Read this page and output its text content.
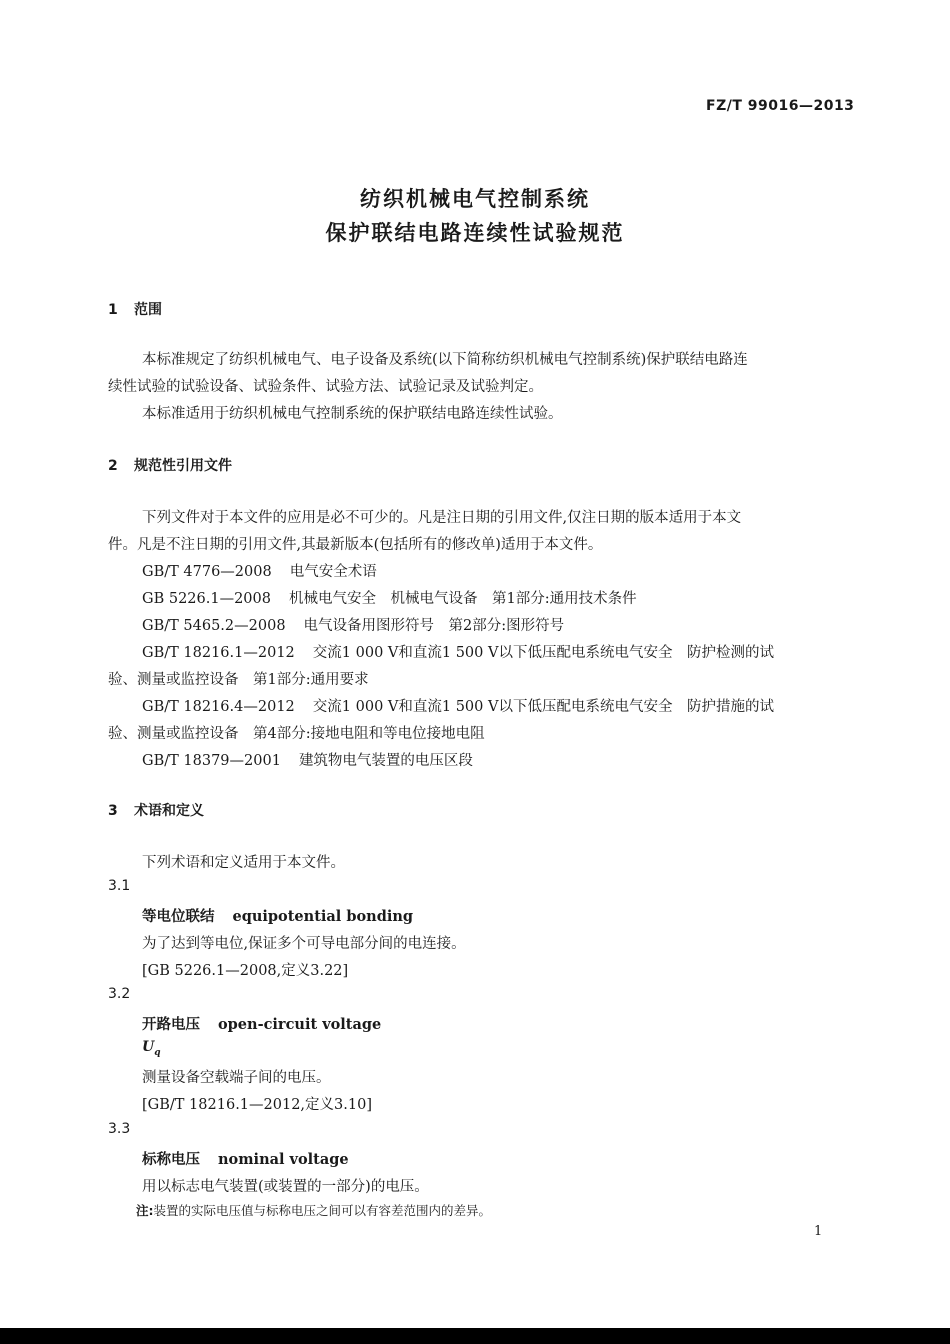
FZ/T 99016—2013
纺织机械电气控制系统
保护联结电路连续性试验规范
1 范围
本标准规定了纺织机械电气、电子设备及系统(以下简称纺织机械电气控制系统)保护联结电路连
续性试验的试验设备、试验条件、试验方法、试验记录及试验判定。
本标准适用于纺织机械电气控制系统的保护联结电路连续性试验。
2 规范性引用文件
下列文件对于本文件的应用是必不可少的。凡是注日期的引用文件,仅注日期的版本适用于本文
件。凡是不注日期的引用文件,其最新版本(包括所有的修改单)适用于本文件。
GB/T 4776—2008 电气安全术语
GB 5226.1—2008 机械电气安全　机械电气设备　第1部分:通用技术条件
GB/T 5465.2—2008 电气设备用图形符号　第2部分:图形符号
GB/T 18216.1—2012 交流1 000 V和直流1 500 V以下低压配电系统电气安全　防护检测的试
验、测量或监控设备　第1部分:通用要求
GB/T 18216.4—2012 交流1 000 V和直流1 500 V以下低压配电系统电气安全　防护措施的试
验、测量或监控设备　第4部分:接地电阻和等电位接地电阻
GB/T 18379—2001 建筑物电气装置的电压区段
3 术语和定义
下列术语和定义适用于本文件。
3.1
等电位联结 equipotential bonding
为了达到等电位,保证多个可导电部分间的电连接。
[GB 5226.1—2008,定义3.22]
3.2
开路电压 open-circuit voltage
$U_q$
测量设备空载端子间的电压。
[GB/T 18216.1—2012,定义3.10]
3.3
标称电压 nominal voltage
用以标志电气装置(或装置的一部分)的电压。
注:装置的实际电压值与标称电压之间可以有容差范围内的差异。
1
